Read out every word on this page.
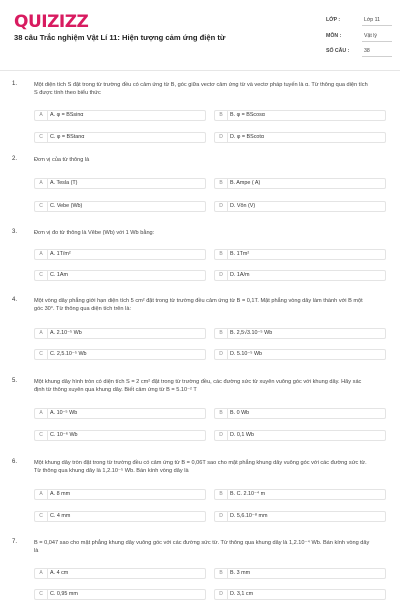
QUIZIZZ
38 câu Trắc nghiệm Vật Lí 11: Hiện tượng cảm ứng điện từ
LỚP :	Lớp 11
MÔN :	Vật lý
SỐ CÂU :	38
1.	Một diện tích S đặt trong từ trường đều có cảm ứng từ B, góc giữa vectơ cảm ứng từ và vectơ pháp tuyến là α. Từ thông qua diện tích S được tính theo biểu thức
A	A. φ = BSsinα	B	B. φ = BScosα
C	C. φ = BStanα	D	D. φ = BScotα
2.	Đơn vị của từ thông là
A	A. Tesla (T)	B	B. Ampe ( A)
C	C. Vebe (Wb)	D	D. Vôn (V)
3.	Đơn vị đo từ thông là Vêbe (Wb) với 1 Wb bằng:
A	A. 1T/m²	B	B. 1Tm²
C	C. 1Am	D	D. 1A/m
4.	Một vòng dây phẳng giới hạn diện tích 5 cm² đặt trong từ trường đều cảm ứng từ B = 0,1T. Mặt phẳng vòng dây làm thành với B một góc 30°. Từ thông qua diện tích trên là:
A	A. 2.10⁻⁵ Wb	B	B. 2,5√3.10⁻⁵ Wb
C	C. 2,5.10⁻⁵ Wb	D	D. 5.10⁻⁵ Wb
5.	Một khung dây hình tròn có diện tích S = 2 cm² đặt trong từ trường đều, các đường sức từ xuyên vuông góc với khung dây. Hãy xác định từ thông xuyên qua khung dây. Biết cảm ứng từ B = 5.10⁻² T
A	A. 10⁻⁵ Wb	B	B. 0 Wb
C	C. 10⁻⁶ Wb	D	D. 0,1 Wb
6.	Một khung dây tròn đặt trong từ trường đều có cảm ứng từ B = 0,06T sao cho mặt phẳng khung dây vuông góc với các đường sức từ. Từ thông qua khung dây là 1,2.10⁻⁵ Wb. Bán kính vòng dây là
A	A. 8 mm	B	B. C. 2.10⁻⁴ m
C	C. 4 mm	D	D. 5,6.10⁻⁸ mm
7.	B = 0,047 sao cho mặt phẳng khung dây vuông góc với các đường sức từ. Từ thông qua khung dây là 1,2.10⁻⁴ Wb. Bán kính vòng dây là
A	A. 4 cm	B	B. 3 mm
C	C. 0,95 mm	D	D. 3,1 cm
